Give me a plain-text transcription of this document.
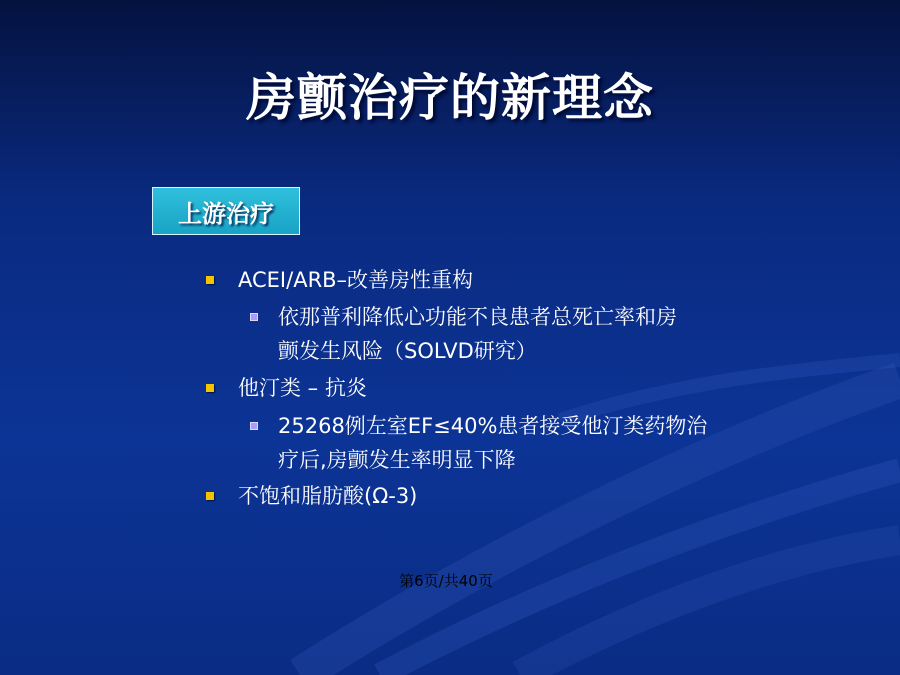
房颤治疗的新理念
上游治疗
ACEI/ARB–改善房性重构
依那普利降低心功能不良患者总死亡率和房
颤发生风险（SOLVD研究）
他汀类 – 抗炎
25268例左室EF≤40%患者接受他汀类药物治
疗后,房颤发生率明显下降
不饱和脂肪酸(Ω-3)
第6页/共40页
